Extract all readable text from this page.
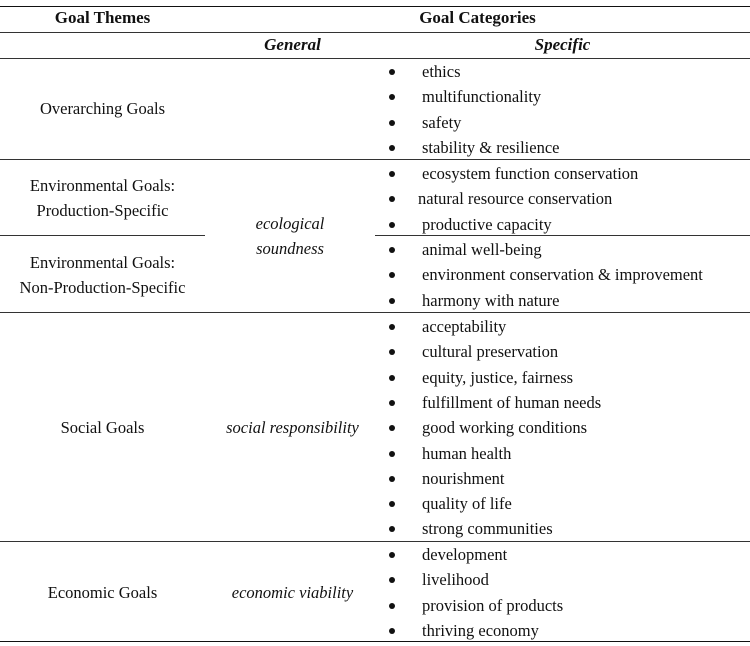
Goal Themes	Goal Categories
General	Specific
Overarching Goals
Environmental Goals:
Production-Specific
Environmental Goals:
Non-Production-Specific
Social Goals
Economic Goals
ecological
soundness
social responsibility
economic viability
ethics
multifunctionality
safety
stability & resilience
ecosystem function conservation
natural resource conservation
productive capacity
animal well-being
environment conservation & improvement
harmony with nature
acceptability
cultural preservation
equity, justice, fairness
fulfillment of human needs
good working conditions
human health
nourishment
quality of life
strong communities
development
livelihood
provision of products
thriving economy
